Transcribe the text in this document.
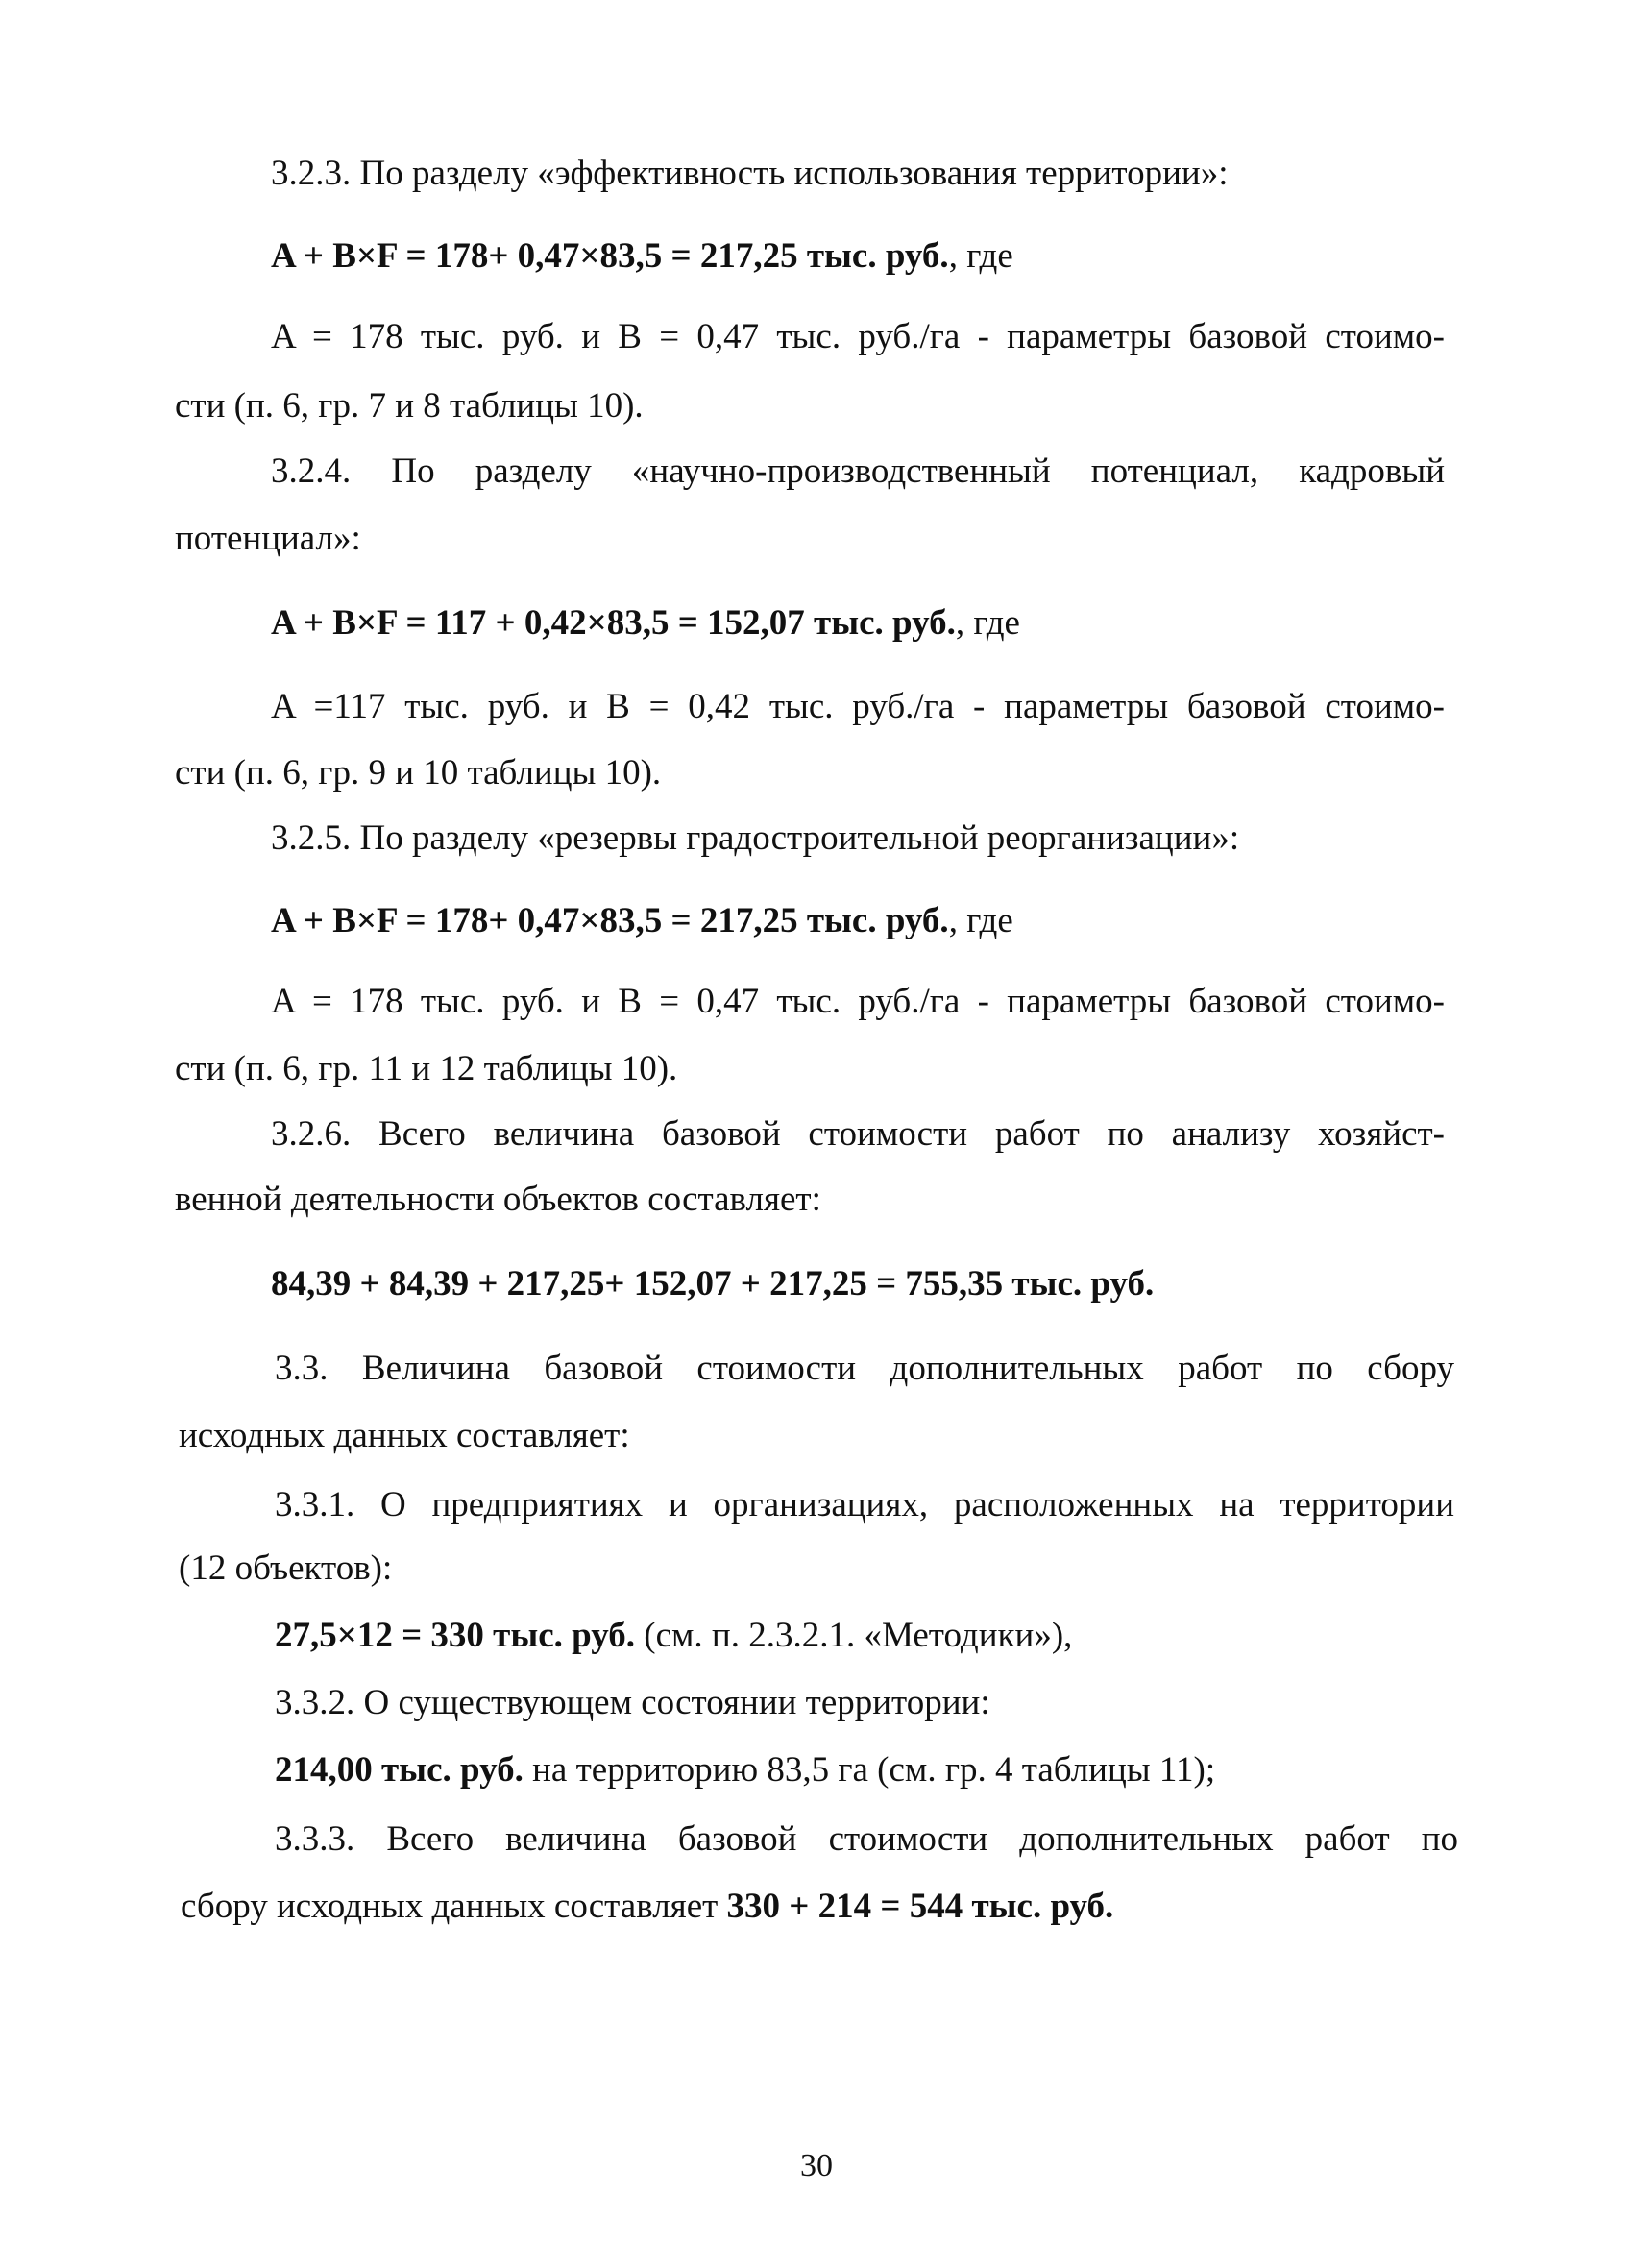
3.2.3. По разделу «эффективность использования территории»:
A + B×F = 178+ 0,47×83,5 = 217,25 тыс. руб., где
A = 178 тыс. руб. и B = 0,47 тыс. руб./га - параметры базовой стоимо-
сти (п. 6, гр. 7 и 8 таблицы 10).
3.2.4. По разделу «научно-производственный потенциал, кадровый
потенциал»:
A + B×F = 117 + 0,42×83,5 = 152,07 тыс. руб., где
A =117 тыс. руб. и B = 0,42 тыс. руб./га - параметры базовой стоимо-
сти (п. 6, гр. 9 и 10 таблицы 10).
3.2.5. По разделу «резервы градостроительной реорганизации»:
A + B×F = 178+ 0,47×83,5 = 217,25 тыс. руб., где
A = 178 тыс. руб. и B = 0,47 тыс. руб./га - параметры базовой стоимо-
сти (п. 6, гр. 11 и 12 таблицы 10).
3.2.6. Всего величина базовой стоимости работ по анализу хозяйст-
венной деятельности объектов составляет:
84,39 + 84,39 + 217,25+ 152,07 + 217,25 = 755,35 тыс. руб.
3.3. Величина базовой стоимости дополнительных работ по сбору
исходных данных составляет:
3.3.1. О предприятиях и организациях, расположенных на территории
(12 объектов):
27,5×12 = 330 тыс. руб. (см. п. 2.3.2.1. «Методики»),
3.3.2. О существующем состоянии территории:
214,00 тыс. руб. на территорию 83,5 га (см. гр. 4 таблицы 11);
3.3.3. Всего величина базовой стоимости дополнительных работ по
сбору исходных данных составляет 330 + 214 = 544 тыс. руб.
30
